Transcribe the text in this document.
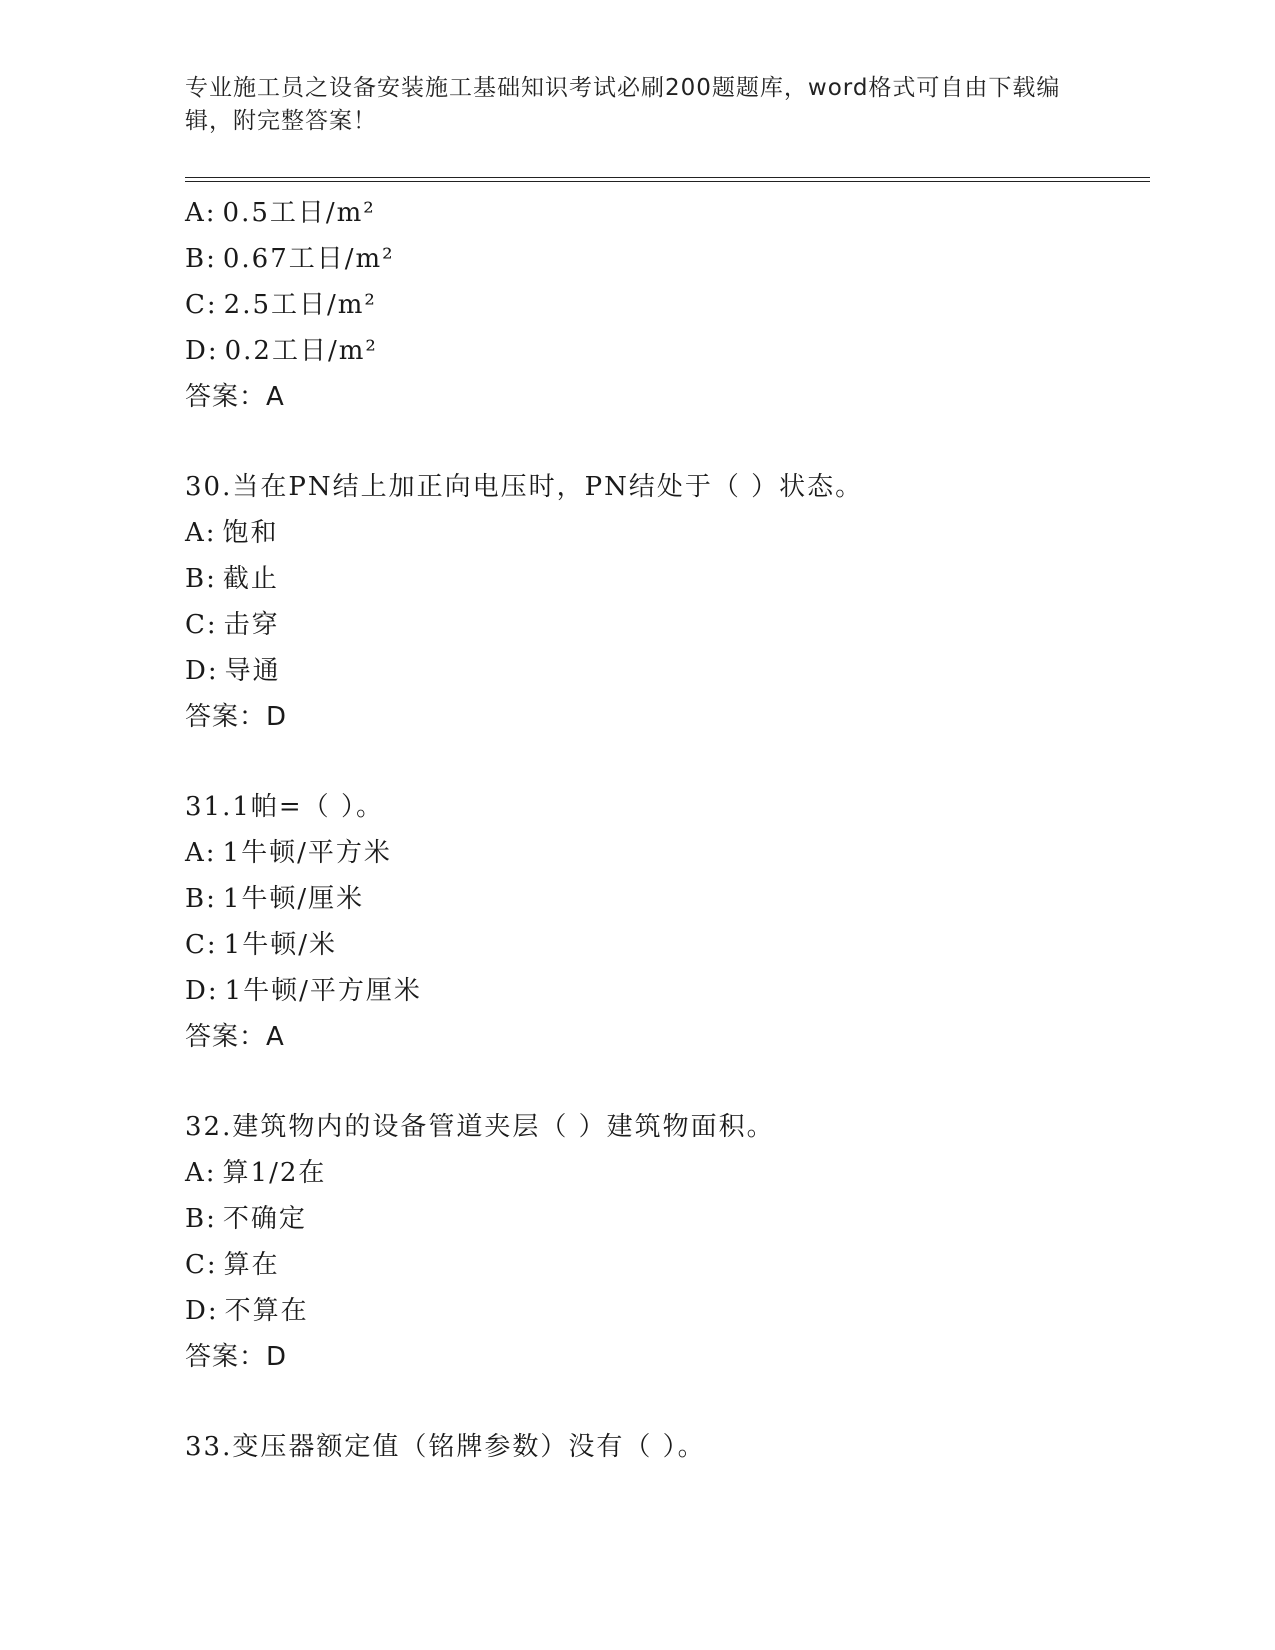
专业施工员之设备安装施工基础知识考试必刷200题题库，word格式可自由下载编辑，附完整答案！
A: 0.5工日/m²
B: 0.67工日/m²
C: 2.5工日/m²
D: 0.2工日/m²
答案：A
30.当在PN结上加正向电压时，PN结处于（ ）状态。
A: 饱和
B: 截止
C: 击穿
D: 导通
答案：D
31.1帕=（ ）。
A: 1牛顿/平方米
B: 1牛顿/厘米
C: 1牛顿/米
D: 1牛顿/平方厘米
答案：A
32.建筑物内的设备管道夹层（ ）建筑物面积。
A: 算1/2在
B: 不确定
C: 算在
D: 不算在
答案：D
33.变压器额定值（铭牌参数）没有（ ）。
